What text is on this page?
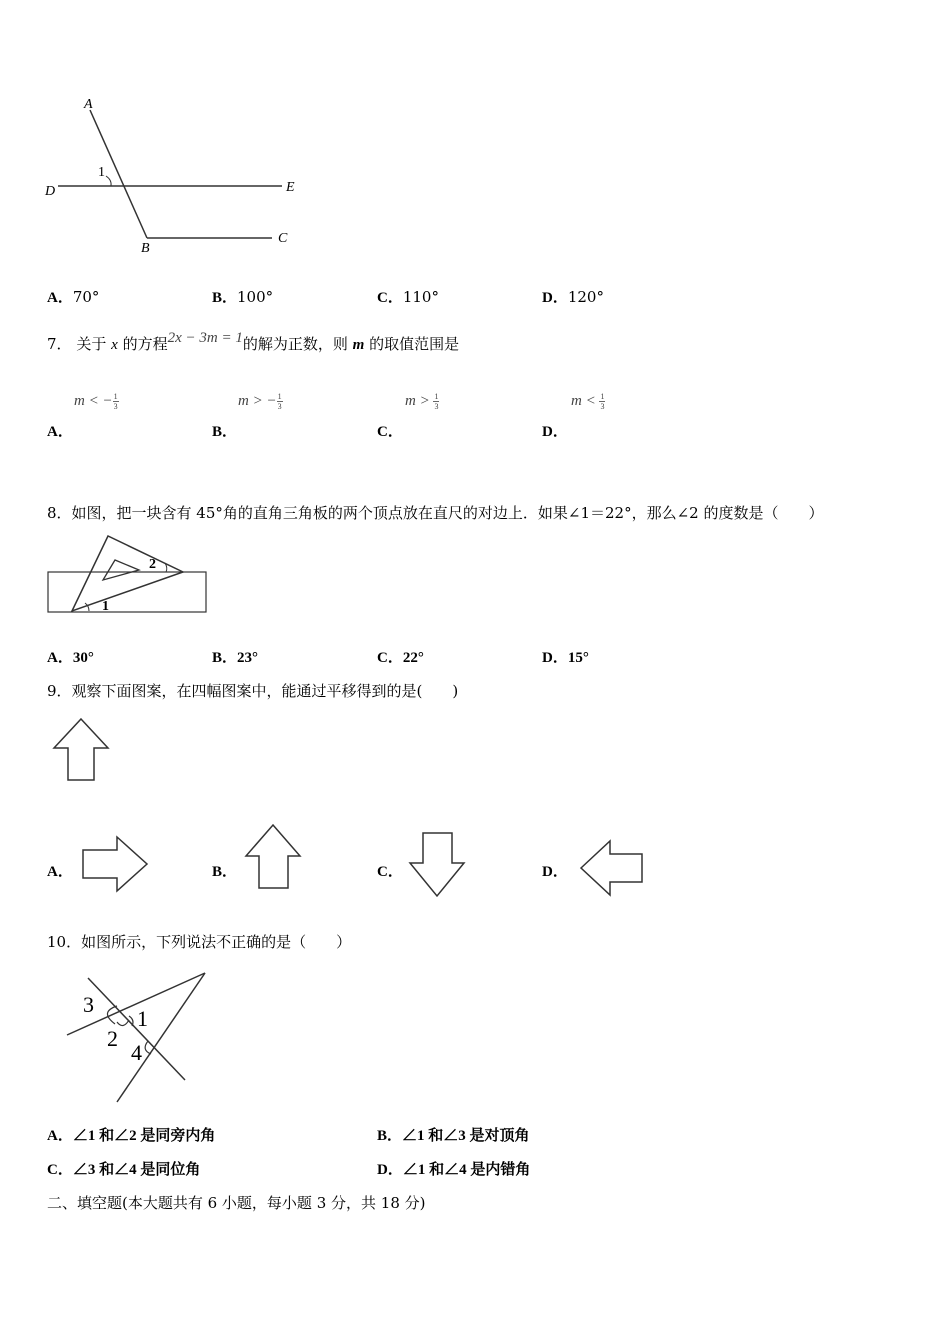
A
1
D	E
B
C
A．70°	B．100°	C．110°	D．120°
7． 关于 x 的方程2x − 3m = 1的解为正数，则 m 的取值范围是
m < − $\frac{1}{3}$
A．
m > − $\frac{1}{3}$
B．
$m > \frac{1}{3}$
C．
$m < \frac{1}{3}$
D．
8．如图，把一块含有 45°角的直角三角板的两个顶点放在直尺的对边上．如果∠1＝22°，那么∠2 的度数是（　　）
1
2
A．30°	B．23°	C．22°	D．15°
9．观察下面图案，在四幅图案中，能通过平移得到的是(　　)
A．	B．	C．	D．
10．如图所示，下列说法不正确的是（　　）
3
1
2
4
A．∠1 和∠2 是同旁内角	B．∠1 和∠3 是对顶角
C．∠3 和∠4 是同位角	D．∠1 和∠4 是内错角
二、填空题(本大题共有 6 小题，每小题 3 分，共 18 分)
